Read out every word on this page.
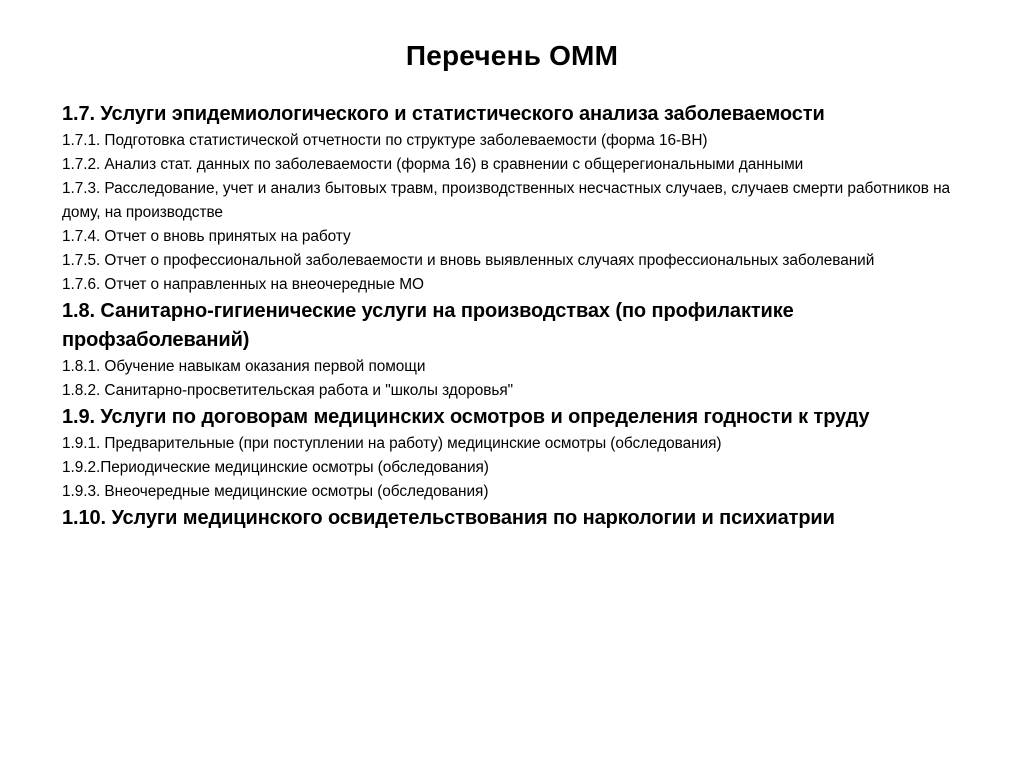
Перечень ОММ
1.7. Услуги эпидемиологического и статистического анализа заболеваемости
1.7.1. Подготовка статистической отчетности по структуре заболеваемости (форма 16-ВН)
1.7.2. Анализ стат. данных по заболеваемости (форма 16) в сравнении с общерегиональными данными
1.7.3. Расследование, учет и анализ бытовых травм, производственных несчастных случаев, случаев смерти работников на дому, на производстве
1.7.4. Отчет о вновь принятых на работу
1.7.5. Отчет о профессиональной заболеваемости и вновь выявленных случаях профессиональных заболеваний
1.7.6. Отчет о направленных на внеочередные МО
1.8. Санитарно-гигиенические услуги на производствах (по профилактике профзаболеваний)
1.8.1. Обучение навыкам оказания первой помощи
1.8.2. Санитарно-просветительская работа и "школы здоровья"
1.9. Услуги по договорам медицинских осмотров и определения годности к труду
1.9.1. Предварительные (при поступлении на работу) медицинские осмотры (обследования)
1.9.2.Периодические медицинские осмотры (обследования)
1.9.3. Внеочередные медицинские осмотры (обследования)
1.10. Услуги медицинского освидетельствования по наркологии и психиатрии
